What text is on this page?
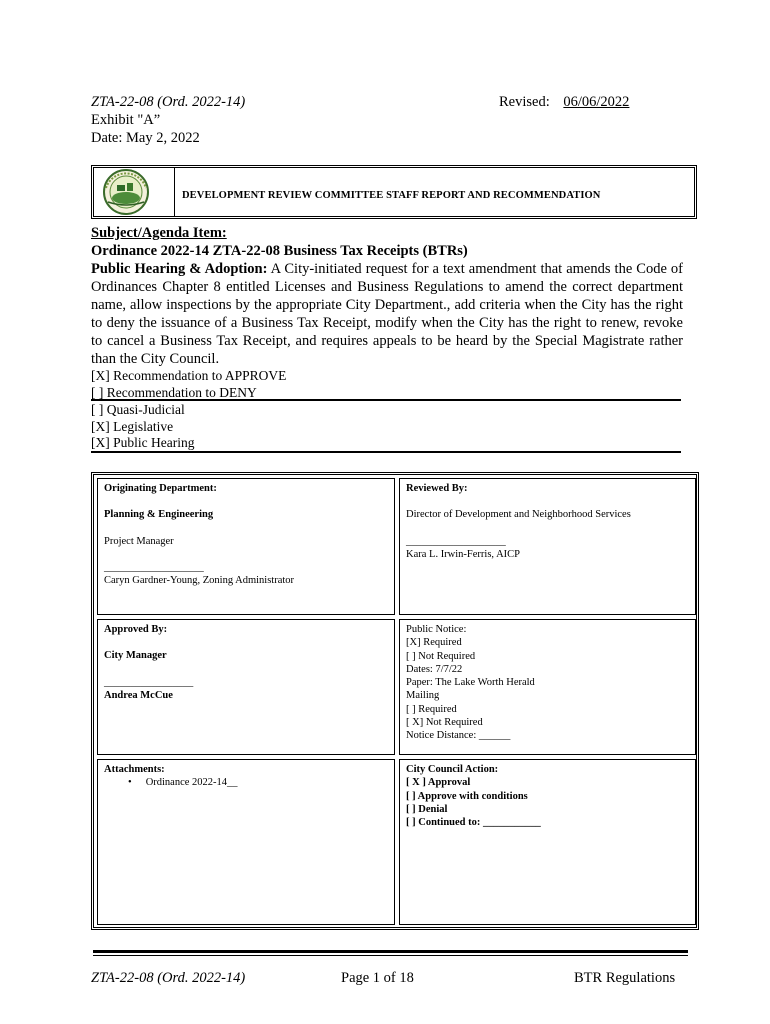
ZTA-22-08 (Ord. 2022-14)
Exhibit "A”
Date: May 2, 2022
Revised: 06/06/2022
DEVELOPMENT REVIEW COMMITTEE STAFF REPORT AND RECOMMENDATION
Subject/Agenda Item:
Ordinance 2022-14 ZTA-22-08 Business Tax Receipts (BTRs)
Public Hearing & Adoption: A City-initiated request for a text amendment that amends the Code of Ordinances Chapter 8 entitled Licenses and Business Regulations to amend the correct department name, allow inspections by the appropriate City Department., add criteria when the City has the right to deny the issuance of a Business Tax Receipt, modify when the City has the right to renew, revoke to cancel a Business Tax Receipt, and requires appeals to be heard by the Special Magistrate rather than the City Council.
[X] Recommendation to APPROVE
[ ] Recommendation to DENY
[ ] Quasi-Judicial
[X] Legislative
[X] Public Hearing
Originating Department:
Planning & Engineering
Project Manager
___________________
Caryn Gardner-Young, Zoning Administrator
Reviewed By:
Director of Development and Neighborhood Services
___________________
Kara L. Irwin-Ferris, AICP
Approved By:
City Manager
_________________
Andrea McCue
Public Notice:
[X] Required
[ ] Not Required
Dates: 7/7/22
Paper: The Lake Worth Herald
Mailing
[ ] Required
[ X] Not Required
Notice Distance: ______
Attachments:
• Ordinance 2022-14__
City Council Action:
[ X ] Approval
[ ] Approve with conditions
[ ] Denial
[ ] Continued to: ___________
ZTA-22-08 (Ord. 2022-14)	Page 1 of 18	BTR Regulations
